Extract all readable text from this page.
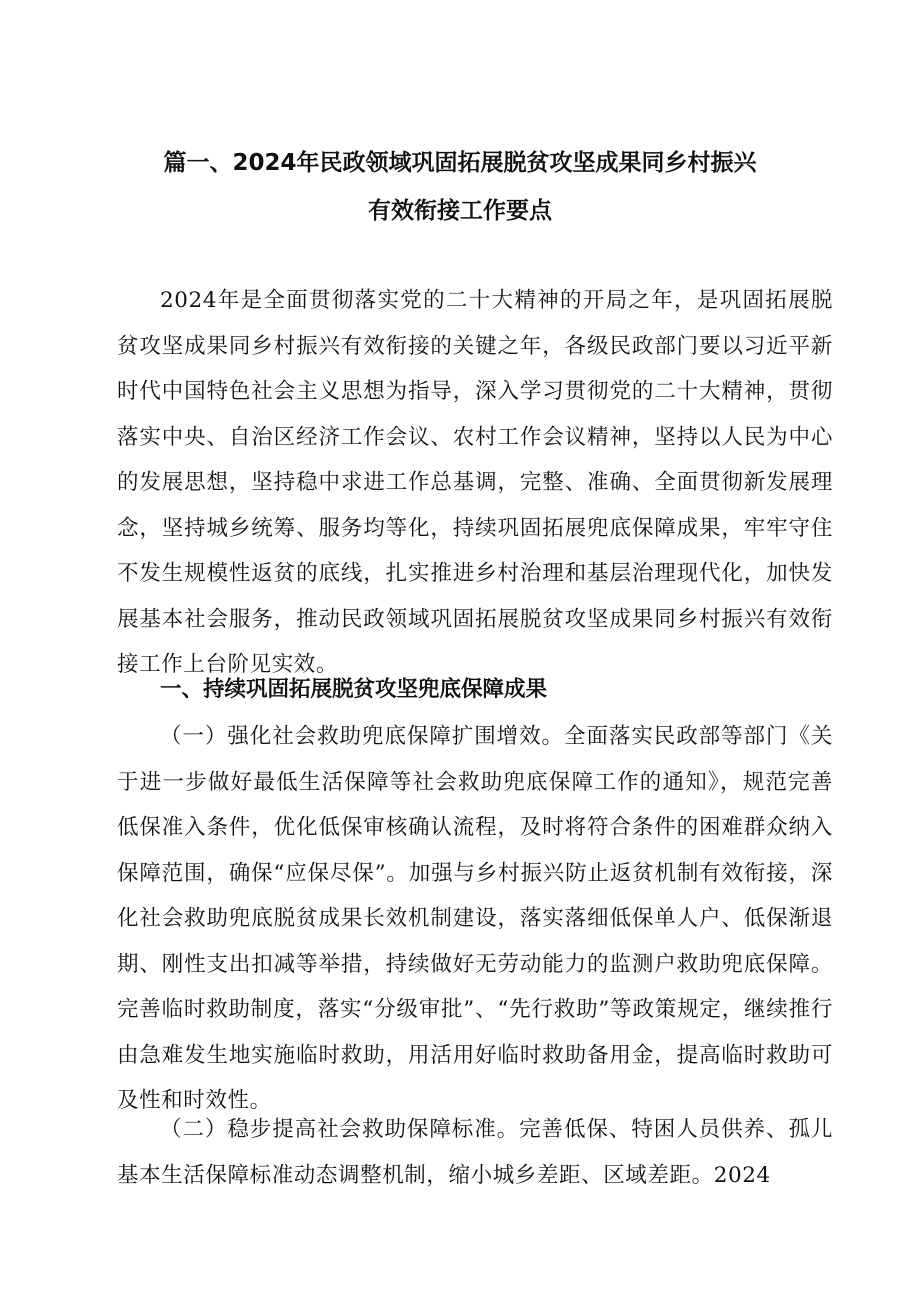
篇一、2024年民政领域巩固拓展脱贫攻坚成果同乡村振兴
有效衔接工作要点

2024年是全面贯彻落实党的二十大精神的开局之年，是巩固拓展脱贫攻坚成果同乡村振兴有效衔接的关键之年，各级民政部门要以习近平新时代中国特色社会主义思想为指导，深入学习贯彻党的二十大精神，贯彻落实中央、自治区经济工作会议、农村工作会议精神，坚持以人民为中心的发展思想，坚持稳中求进工作总基调，完整、准确、全面贯彻新发展理念，坚持城乡统筹、服务均等化，持续巩固拓展兜底保障成果，牢牢守住不发生规模性返贫的底线，扎实推进乡村治理和基层治理现代化，加快发展基本社会服务，推动民政领域巩固拓展脱贫攻坚成果同乡村振兴有效衔接工作上台阶见实效。

一、持续巩固拓展脱贫攻坚兜底保障成果

（一）强化社会救助兜底保障扩围增效。全面落实民政部等部门《关于进一步做好最低生活保障等社会救助兜底保障工作的通知》，规范完善低保准入条件，优化低保审核确认流程，及时将符合条件的困难群众纳入保障范围，确保“应保尽保”。加强与乡村振兴防止返贫机制有效衔接，深化社会救助兜底脱贫成果长效机制建设，落实落细低保单人户、低保渐退期、刚性支出扣减等举措，持续做好无劳动能力的监测户救助兜底保障。完善临时救助制度，落实“分级审批”、“先行救助”等政策规定，继续推行由急难发生地实施临时救助，用活用好临时救助备用金，提高临时救助可及性和时效性。

（二）稳步提高社会救助保障标准。完善低保、特困人员供养、孤儿基本生活保障标准动态调整机制，缩小城乡差距、区域差距。2024
